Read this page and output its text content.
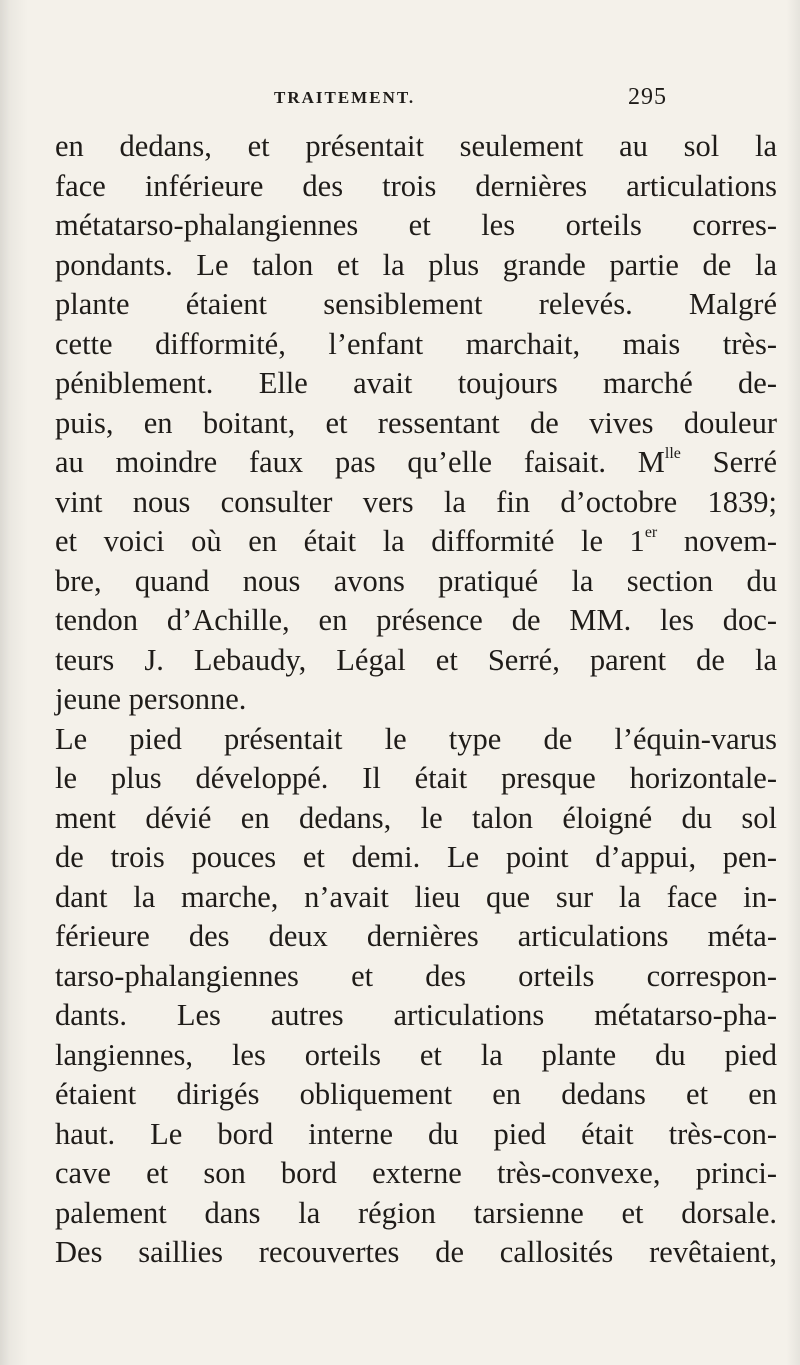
TRAITEMENT.	295
en dedans, et présentait seulement au sol la
face inférieure des trois dernières articulations
métatarso-phalangiennes et les orteils corres-
pondants. Le talon et la plus grande partie de la
plante étaient sensiblement relevés. Malgré
cette difformité, l’enfant marchait, mais très-
péniblement. Elle avait toujours marché de-
puis, en boitant, et ressentant de vives douleur
au moindre faux pas qu’elle faisait. $M^{lle}$ Serré
vint nous consulter vers la fin d’octobre 1839;
et voici où en était la difformité le 1er novem-
bre, quand nous avons pratiqué la section du
tendon d’Achille, en présence de MM. les doc-
teurs J. Lebaudy, Légal et Serré, parent de la
jeune personne.
Le pied présentait le type de l’équin-varus
le plus développé. Il était presque horizontale-
ment dévié en dedans, le talon éloigné du sol
de trois pouces et demi. Le point d’appui, pen-
dant la marche, n’avait lieu que sur la face in-
férieure des deux dernières articulations méta-
tarso-phalangiennes et des orteils correspon-
dants. Les autres articulations métatarso-pha-
langiennes, les orteils et la plante du pied
étaient dirigés obliquement en dedans et en
haut. Le bord interne du pied était très-con-
cave et son bord externe très-convexe, princi-
palement dans la région tarsienne et dorsale.
Des saillies recouvertes de callosités revêtaient,
